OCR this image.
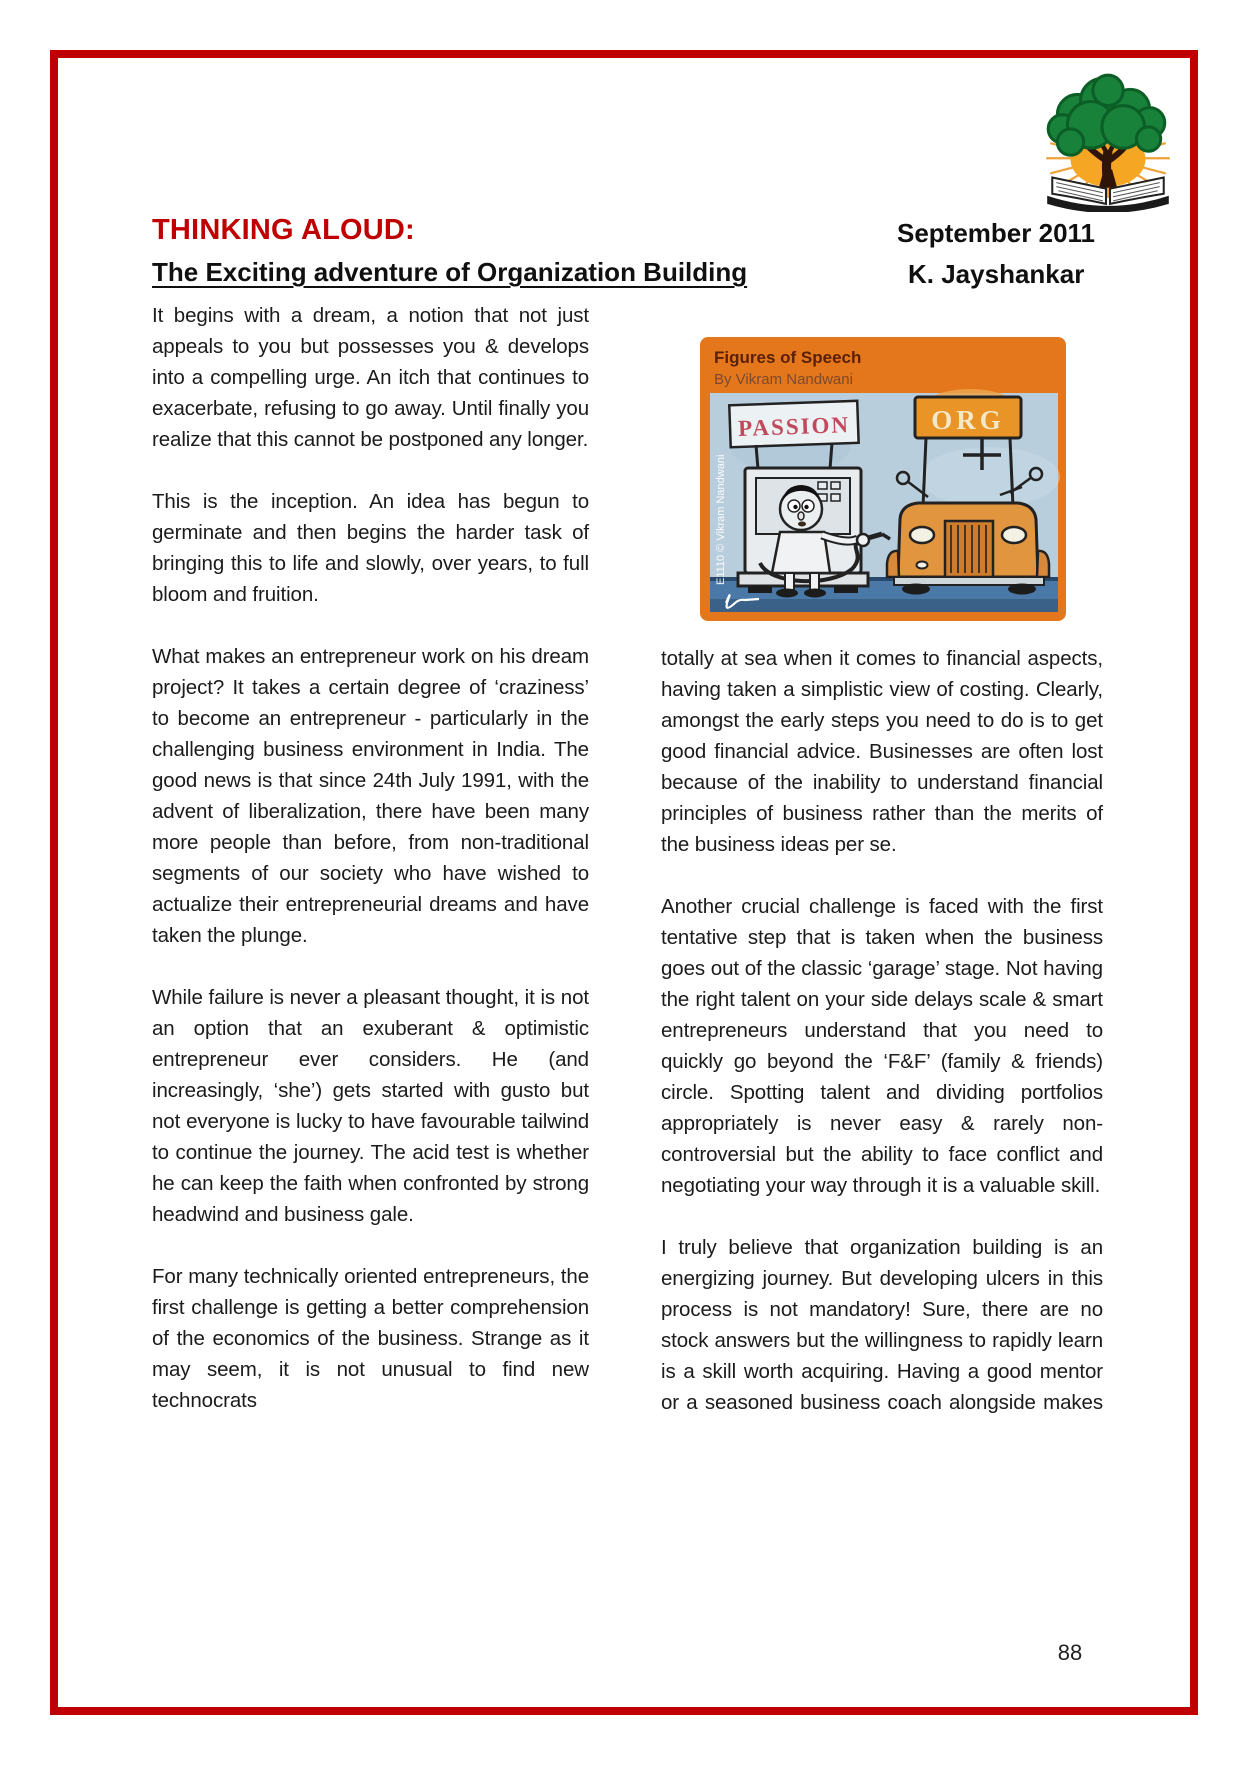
THINKING ALOUD:	September 2011
The Exciting adventure of Organization Building	K. Jayshankar
Figures of Speech
By Vikram Nandwani
PASSION	ORG
E1110 © Vikram Nandwani

It begins with a dream, a notion that not just appeals to you but possesses you & develops into a compelling urge. An itch that continues to exacerbate, refusing to go away. Until finally you realize that this cannot be postponed any longer.

This is the inception. An idea has begun to germinate and then begins the harder task of bringing this to life and slowly, over years, to full bloom and fruition.

What makes an entrepreneur work on his dream project? It takes a certain degree of ‘craziness’ to become an entrepreneur - particularly in the challenging business environment in India. The good news is that since 24th July 1991, with the advent of liberalization, there have been many more people than before, from non-traditional segments of our society who have wished to actualize their entrepreneurial dreams and have taken the plunge.

While failure is never a pleasant thought, it is not an option that an exuberant & optimistic entrepreneur ever considers. He (and increasingly, ‘she’) gets started with gusto but not everyone is lucky to have favourable tailwind to continue the journey. The acid test is whether he can keep the faith when confronted by strong headwind and business gale.

For many technically oriented entrepreneurs, the first challenge is getting a better comprehension of the economics of the business. Strange as it may seem, it is not unusual to find new technocrats

totally at sea when it comes to financial aspects, having taken a simplistic view of costing. Clearly, amongst the early steps you need to do is to get good financial advice. Businesses are often lost because of the inability to understand financial principles of business rather than the merits of the business ideas per se.

Another crucial challenge is faced with the first tentative step that is taken when the business goes out of the classic ‘garage’ stage. Not having the right talent on your side delays scale & smart entrepreneurs understand that you need to quickly go beyond the ‘F&F’ (family & friends) circle. Spotting talent and dividing portfolios appropriately is never easy & rarely non-controversial but the ability to face conflict and negotiating your way through it is a valuable skill.

I truly believe that organization building is an energizing journey. But developing ulcers in this process is not mandatory! Sure, there are no stock answers but the willingness to rapidly learn is a skill worth acquiring. Having a good mentor or a seasoned business coach alongside makes

88
